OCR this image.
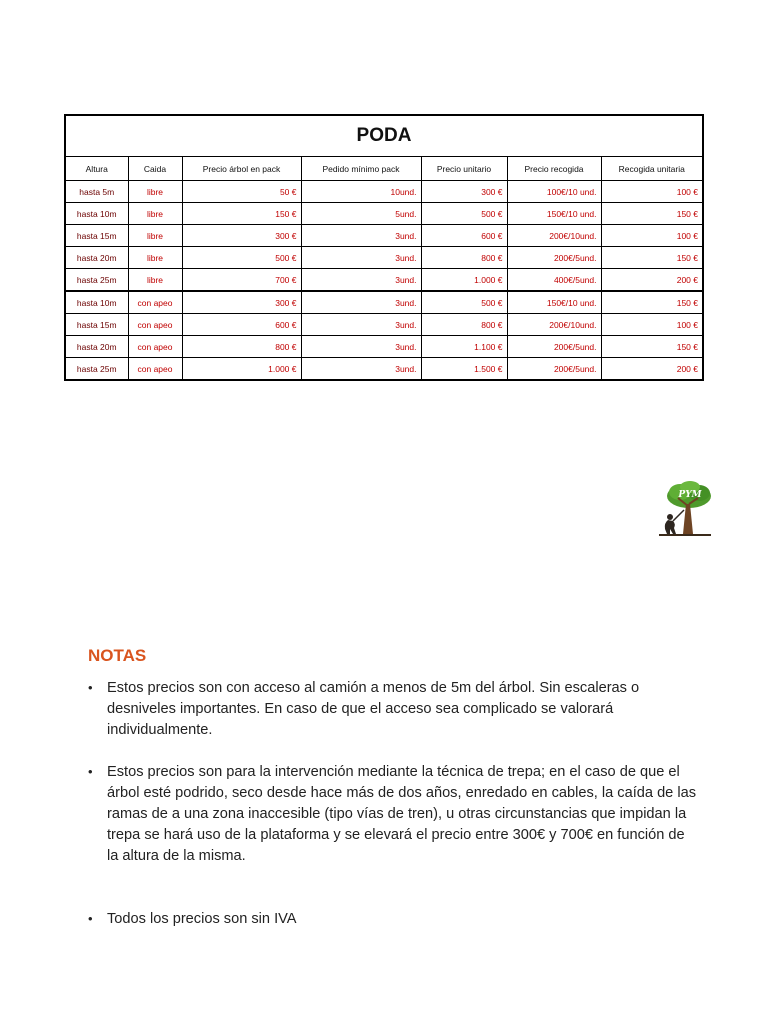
PODA
Altura	Caida	Precio árbol en pack	Pedido mínimo pack	Precio unitario	Precio recogida	Recogida unitaria
hasta 5m	libre	50 €	10und.	300 €	100€/10 und.	100 €
hasta 10m	libre	150 €	5und.	500 €	150€/10 und.	150 €
hasta 15m	libre	300 €	3und.	600 €	200€/10und.	100 €
hasta 20m	libre	500 €	3und.	800 €	200€/5und.	150 €
hasta 25m	libre	700 €	3und.	1.000 €	400€/5und.	200 €
hasta 10m	con apeo	300 €	3und.	500 €	150€/10 und.	150 €
hasta 15m	con apeo	600 €	3und.	800 €	200€/10und.	100 €
hasta 20m	con apeo	800 €	3und.	1.100 €	200€/5und.	150 €
hasta 25m	con apeo	1.000 €	3und.	1.500 €	200€/5und.	200 €
PYM
NOTAS
• Estos precios son con acceso al camión a menos de 5m del árbol. Sin escaleras o desniveles importantes. En caso de que el acceso sea complicado se valorará individualmente.
• Estos precios son para la intervención mediante la técnica de trepa; en el caso de que el árbol esté podrido, seco desde hace más de dos años, enredado en cables, la caída de las ramas de a una zona inaccesible (tipo vías de tren), u otras circunstancias que impidan la trepa se hará uso de la plataforma y se elevará el precio entre 300€ y 700€ en función de la altura de la misma.
• Todos los precios son sin IVA
